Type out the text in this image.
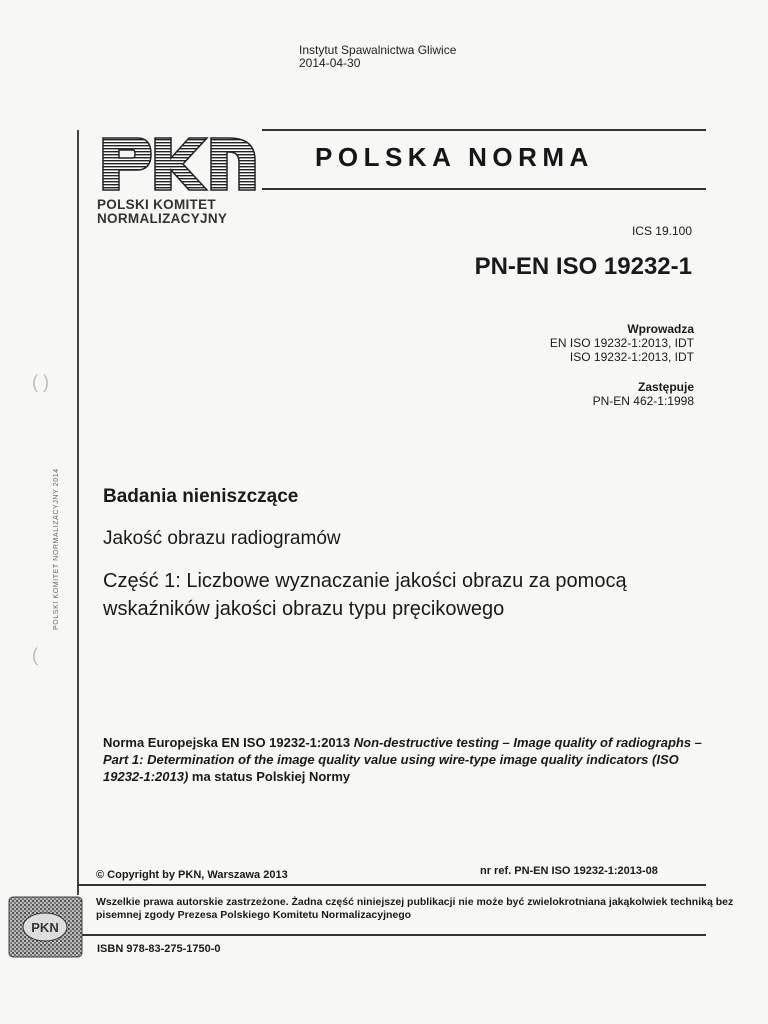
Instytut Spawalnictwa Gliwice
2014-04-30
POLSKI KOMITET
NORMALIZACYJNY
POLSKA NORMA
ICS 19.100
PN-EN ISO 19232-1
Wprowadza
EN ISO 19232-1:2013, IDT
ISO 19232-1:2013, IDT
Zastępuje
PN-EN 462-1:1998
POLSKI KOMITET NORMALIZACYJNY 2014
( )
(
Badania nieniszczące
Jakość obrazu radiogramów
Część 1: Liczbowe wyznaczanie jakości obrazu za pomocą wskaźników jakości obrazu typu pręcikowego
Norma Europejska EN ISO 19232-1:2013 Non-destructive testing – Image quality of radiographs – Part 1: Determination of the image quality value using wire-type image quality indicators (ISO 19232-1:2013) ma status Polskiej Normy
© Copyright by PKN, Warszawa 2013	nr ref. PN-EN ISO 19232-1:2013-08
Wszelkie prawa autorskie zastrzeżone. Żadna część niniejszej publikacji nie może być zwielokrotniana jakąkolwiek techniką bez pisemnej zgody Prezesa Polskiego Komitetu Normalizacyjnego
ISBN 978-83-275-1750-0
PKN
